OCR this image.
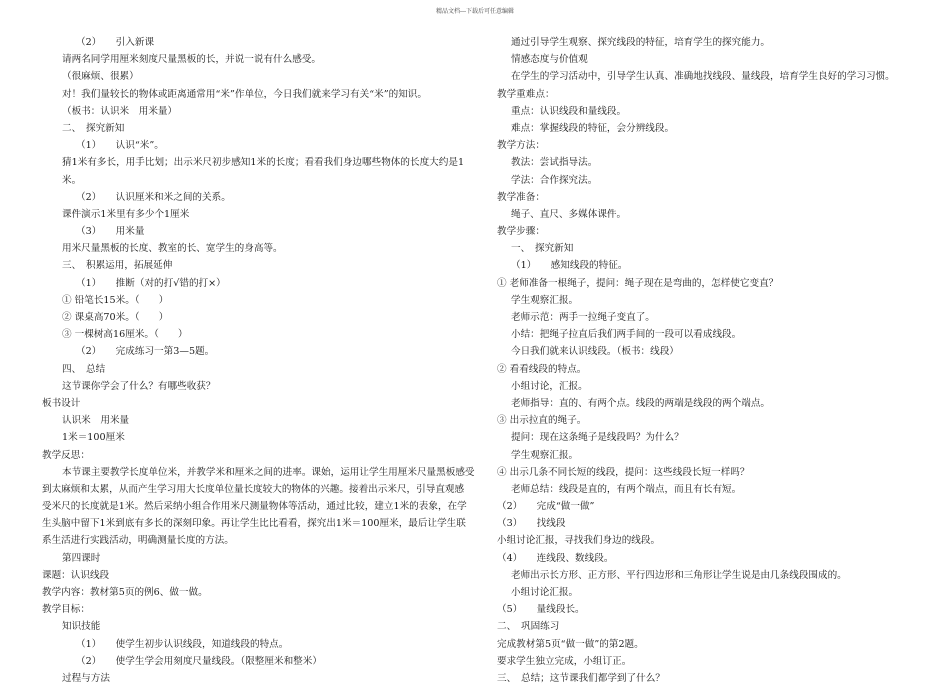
精品文档---下载后可任意编辑
（2）　　引入新课
请两名同学用厘米刻度尺量黑板的长，并说一说有什么感受。
（很麻烦、很累）
对！我们量较长的物体或距离通常用“米”作单位，今日我们就来学习有关“米”的知识。
（板书：认识米　用米量）
二、　探究新知
（1）　　认识“米”。
猜1米有多长，用手比划；出示米尺初步感知1米的长度；看看我们身边哪些物体的长度大约是1
米。
（2）　　认识厘米和米之间的关系。
课件演示1米里有多少个1厘米
（3）　　用米量
用米尺量黑板的长度、教室的长、宽学生的身高等。
三、　积累运用，拓展延伸
（1）　　推断（对的打√错的打×）
① 铅笔长15米。（　　）
② 课桌高70米。（　　）
③ 一棵树高16厘米。（　　）
（2）　　完成练习一第3—5题。
四、　总结
这节课你学会了什么？有哪些收获？
板书设计
认识米　用米量
1米＝100厘米
教学反思：
本节课主要教学长度单位米，并教学米和厘米之间的进率。课始，运用让学生用厘米尺量黑板感受
到太麻烦和太累，从而产生学习用大长度单位量长度较大的物体的兴趣。接着出示米尺，引导直观感
受米尺的长度就是1米。然后采纳小组合作用米尺测量物体等活动，通过比较，建立1米的表象，在学
生头脑中留下1米到底有多长的深刻印象。再让学生比比看看，探究出1米＝100厘米，最后让学生联
系生活进行实践活动，明确测量长度的方法。
第四课时
课题：认识线段
教学内容：教材第5页的例6、做一做。
教学目标：
知识技能
（1）　　使学生初步认识线段，知道线段的特点。
（2）　　使学生学会用刻度尺量线段。（限整厘米和整米）
过程与方法
通过引导学生观察、探究线段的特征，培育学生的探究能力。
情感态度与价值观
在学生的学习活动中，引导学生认真、准确地找线段、量线段，培育学生良好的学习习惯。
教学重难点：
重点：认识线段和量线段。
难点：掌握线段的特征，会分辨线段。
教学方法：
教法：尝试指导法。
学法：合作探究法。
教学准备：
绳子、直尺、多媒体课件。
教学步骤：
一、　探究新知
（1）　　感知线段的特征。
① 老师准备一根绳子，提问：绳子现在是弯曲的，怎样使它变直？
学生观察汇报。
老师示范：两手一拉绳子变直了。
小结：把绳子拉直后我们两手间的一段可以看成线段。
今日我们就来认识线段。（板书：线段）
② 看看线段的特点。
小组讨论，汇报。
老师指导：直的、有两个点。线段的两端是线段的两个端点。
③ 出示拉直的绳子。
提问：现在这条绳子是线段吗？为什么？
学生观察汇报。
④ 出示几条不同长短的线段，提问：这些线段长短一样吗？
老师总结：线段是直的，有两个端点，而且有长有短。
（2）　　完成“做一做”
（3）　　找线段
小组讨论汇报，寻找我们身边的线段。
（4）　　连线段、数线段。
老师出示长方形、正方形、平行四边形和三角形让学生说是由几条线段围成的。
小组讨论汇报。
（5）　　量线段长。
二、　巩固练习
完成教材第5页“做一做”的第2题。
要求学生独立完成，小组订正。
三、　总结；这节课我们都学到了什么？
